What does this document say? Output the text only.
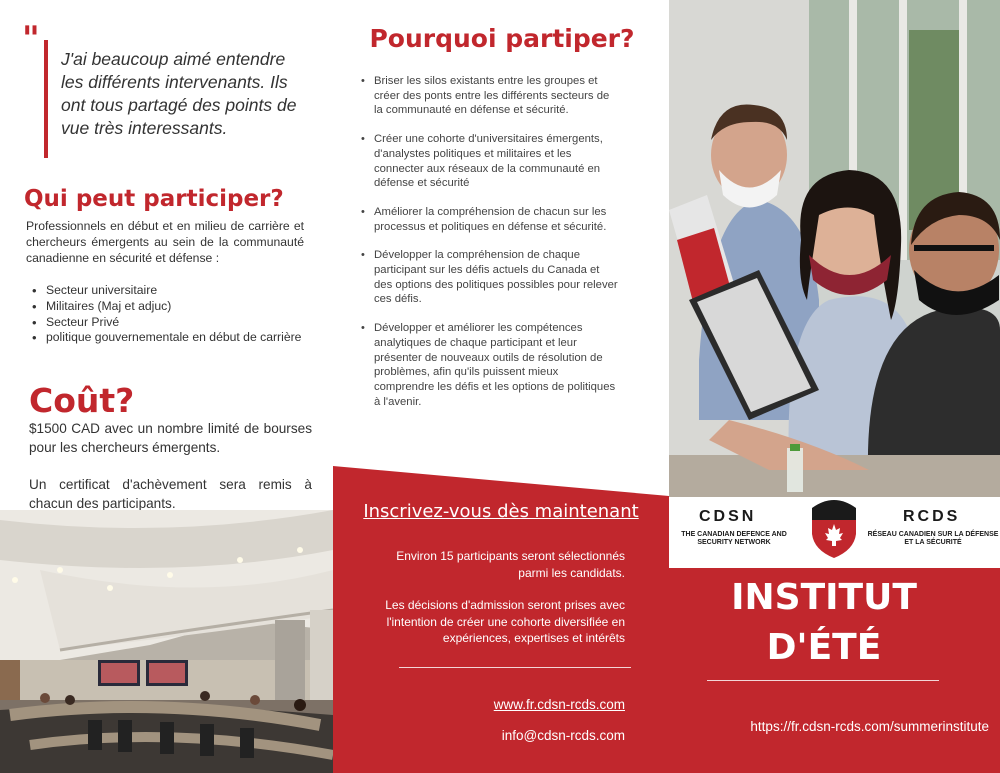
" J'ai beaucoup aimé entendre les différents intervenants. Ils ont tous partagé des points de vue très interessants.
Qui peut participer?
Professionnels en début et en milieu de carrière et chercheurs émergents au sein de la communauté canadienne en sécurité et défense :
• Secteur universitaire
• Militaires (Maj et adjuc)
• Secteur Privé
• politique gouvernementale en début de carrière
Coût?
$1500 CAD avec un nombre limité de bourses pour les chercheurs émergents.
Un certificat d'achèvement sera remis à chacun des participants.
Pourquoi partiper?
• Briser les silos existants entre les groupes et créer des ponts entre les différents secteurs de la communauté en défense et sécurité.
• Créer une cohorte d'universitaires émergents, d'analystes politiques et militaires et les connecter aux réseaux de la communauté en défense et sécurité
• Améliorer la compréhension de chacun sur les processus et politiques en défense et sécurité.
• Développer la compréhension de chaque participant sur les défis actuels du Canada et des options des politiques possibles pour relever ces défis.
• Développer et améliorer les compétences analytiques de chaque participant et leur présenter de nouveaux outils de résolution de problèmes, afin qu'ils puissent mieux comprendre les défis et les options de politiques à l'avenir.
Inscrivez-vous dès maintenant
Environ 15 participants seront sélectionnés parmi les candidats.
Les décisions d'admission seront prises avec l'intention de créer une cohorte diversifiée en expériences, expertises et intérêts
www.fr.cdsn-rcds.com
info@cdsn-rcds.com
CDSN
THE CANADIAN DEFENCE AND SECURITY NETWORK
RCDS
RÉSEAU CANADIEN SUR LA DÉFENSE ET LA SÉCURITÉ
INSTITUT
D'ÉTÉ
https://fr.cdsn-rcds.com/summerinstitute
